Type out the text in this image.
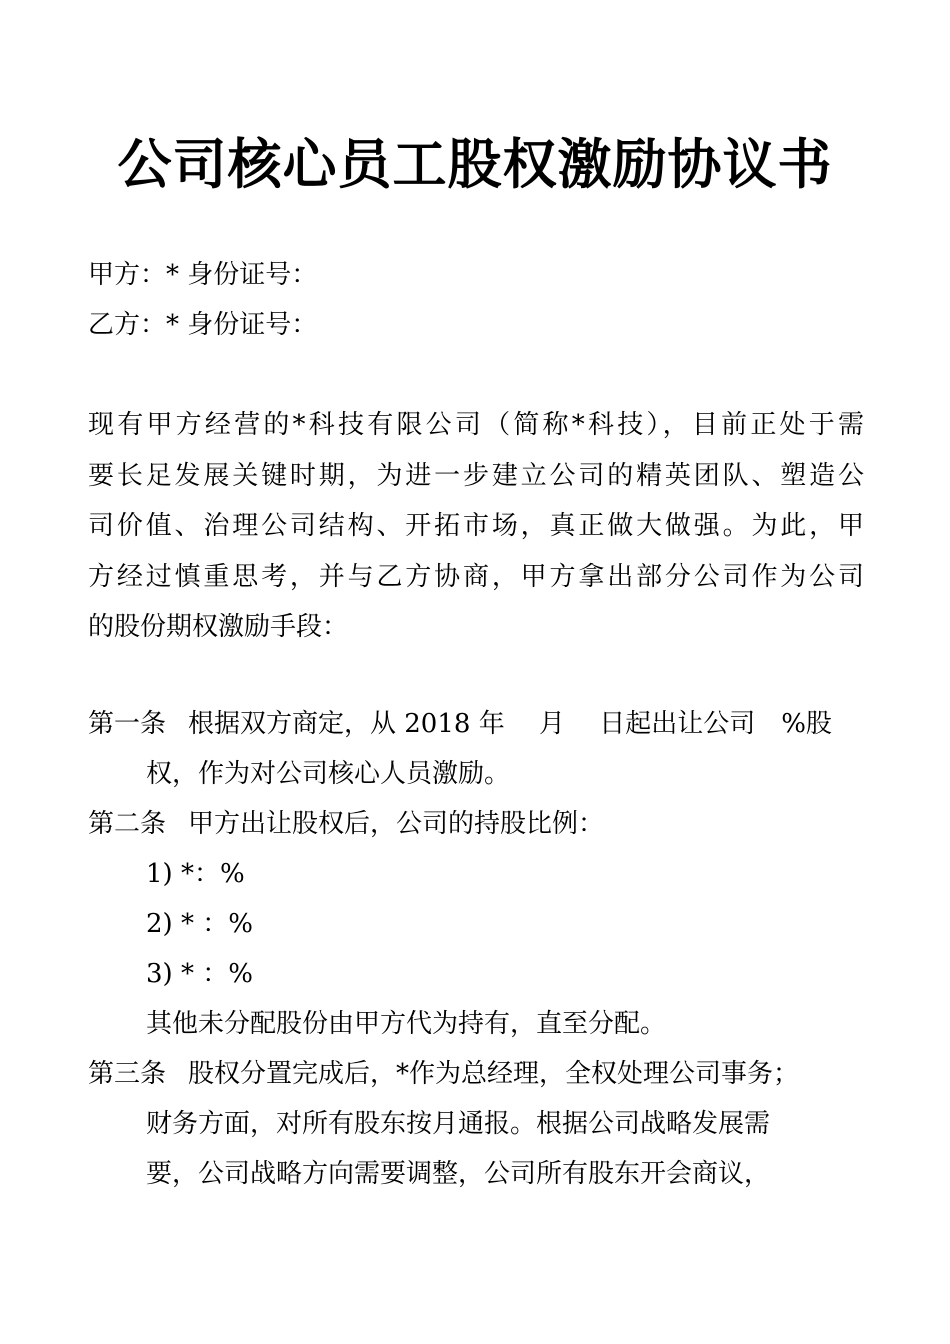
公司核心员工股权激励协议书
甲方：* 身份证号：
乙方：* 身份证号：
现有甲方经营的*科技有限公司（简称*科技），目前正处于需
要长足发展关键时期，为进一步建立公司的精英团队、塑造公
司价值、治理公司结构、开拓市场，真正做大做强。为此，甲
方经过慎重思考，并与乙方协商，甲方拿出部分公司作为公司
的股份期权激励手段：
第一条 根据双方商定，从 2018 年　 月　 日起出让公司　%股
权，作为对公司核心人员激励。
第二条 甲方出让股权后，公司的持股比例：
1) *：%
2) * ：%
3) * ：%
其他未分配股份由甲方代为持有，直至分配。
第三条 股权分置完成后，*作为总经理，全权处理公司事务；
财务方面，对所有股东按月通报。根据公司战略发展需
要，公司战略方向需要调整，公司所有股东开会商议，
